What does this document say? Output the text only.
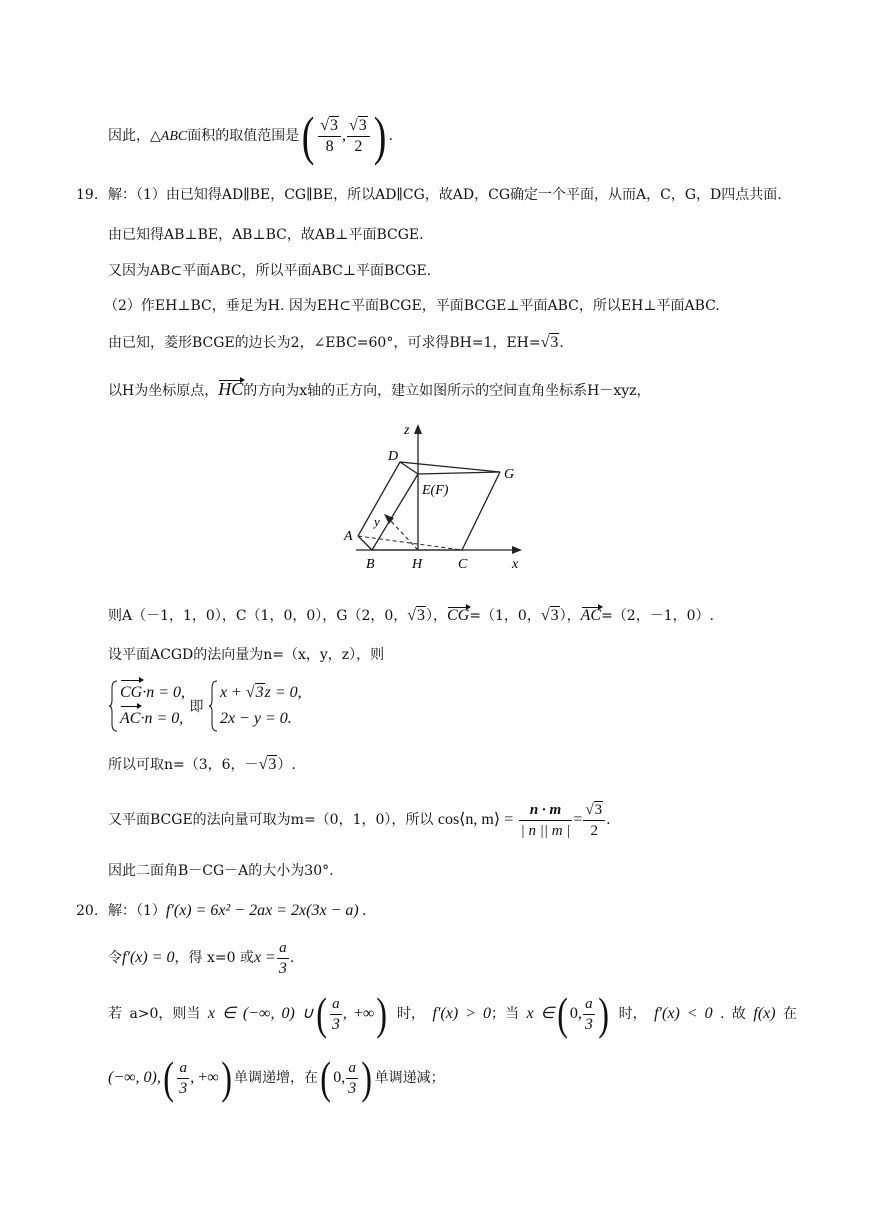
因此，△ABC面积的取值范围是( $\frac{√3}{8}$ , $\frac{√3}{2}$ ) .
19. 解：（1）由已知得AD∥BE，CG∥BE，所以AD∥CG，故AD，CG确定一个平面，从而A，C，G，D四点共面.
由已知得AB⊥BE，AB⊥BC，故AB⊥平面BCGE.
又因为AB⊂平面ABC，所以平面ABC⊥平面BCGE.
（2）作EH⊥BC，垂足为H. 因为EH⊂平面BCGE，平面BCGE⊥平面ABC，所以EH⊥平面ABC.
由已知，菱形BCGE的边长为2，∠EBC=60°，可求得BH=1，EH=√3.
以H为坐标原点，HC的方向为x轴的正方向，建立如图所示的空间直角坐标系H－xyz，
z
D
G
E(F)
y
A
B	H	C	x
则A（－1，1，0），C（1，0，0），G（2，0，√3），CG=（1，0，√3），AC=（2，－1，0）.
设平面ACGD的法向量为n=（x，y，z），则
CG·n = 0,
AC·n = 0,
即
x + √3z = 0,
2x − y = 0.
所以可取n=（3，6，－√3）.
又平面BCGE的法向量可取为m=（0，1，0），所以 cos⟨n, m⟩ = $\frac{n \cdot m}{| n || m |} = \frac{√3}{2}$ .
因此二面角B－CG－A的大小为30°.
20. 解：（1）f′(x) = 6x² − 2ax = 2x(3x − a) .
令f′(x) = 0，得 x=0 或$x = \frac{a}{3}$ .
若 a>0，则当 x ∈ (−∞, 0) ∪( $\frac{a}{3}$ , +∞) 时， f′(x) > 0；当 x ∈( 0, $\frac{a}{3}$ ) 时， f′(x) < 0 . 故 f(x) 在
(−∞, $0),( \frac{a}{3}$ , +∞) 单调递增，在( 0, $\frac{a}{3}$ ) 单调递减；
